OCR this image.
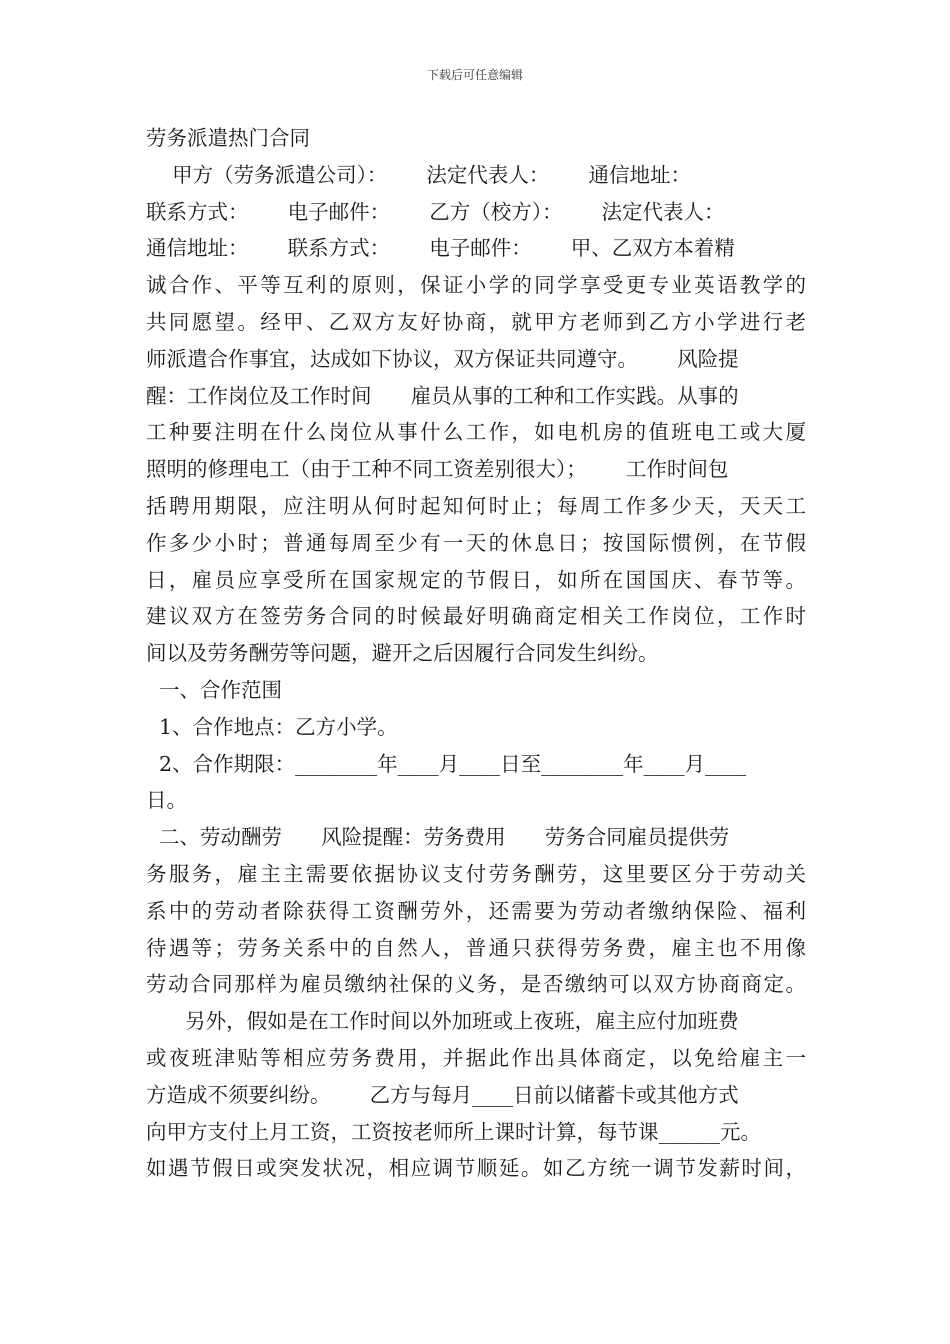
下载后可任意编辑
劳务派遣热门合同
甲方（劳务派遣公司）：      法定代表人：      通信地址：
联系方式：      电子邮件：      乙方（校方）：      法定代表人：
通信地址：      联系方式：      电子邮件：      甲、乙双方本着精
诚合作、平等互利的原则，保证小学的同学享受更专业英语教学的
共同愿望。经甲、乙双方友好协商，就甲方老师到乙方小学进行老
师派遣合作事宜，达成如下协议，双方保证共同遵守。      风险提
醒：工作岗位及工作时间      雇员从事的工种和工作实践。从事的
工种要注明在什么岗位从事什么工作，如电机房的值班电工或大厦
照明的修理电工（由于工种不同工资差别很大）；      工作时间包
括聘用期限，应注明从何时起知何时止；每周工作多少天，天天工
作多少小时；普通每周至少有一天的休息日；按国际惯例，在节假
日，雇员应享受所在国家规定的节假日，如所在国国庆、春节等。
建议双方在签劳务合同的时候最好明确商定相关工作岗位，工作时
间以及劳务酬劳等问题，避开之后因履行合同发生纠纷。
一、合作范围
1、合作地点：乙方小学。
2、合作期限：________年____月____日至________年____月____
日。
二、劳动酬劳      风险提醒：劳务费用      劳务合同雇员提供劳
务服务，雇主主需要依据协议支付劳务酬劳，这里要区分于劳动关
系中的劳动者除获得工资酬劳外，还需要为劳动者缴纳保险、福利
待遇等；劳务关系中的自然人，普通只获得劳务费，雇主也不用像
劳动合同那样为雇员缴纳社保的义务，是否缴纳可以双方协商商定。
另外，假如是在工作时间以外加班或上夜班，雇主应付加班费
或夜班津贴等相应劳务费用，并据此作出具体商定，以免给雇主一
方造成不须要纠纷。      乙方与每月____日前以储蓄卡或其他方式
向甲方支付上月工资，工资按老师所上课时计算，每节课______元。
如遇节假日或突发状况，相应调节顺延。如乙方统一调节发薪时间，
